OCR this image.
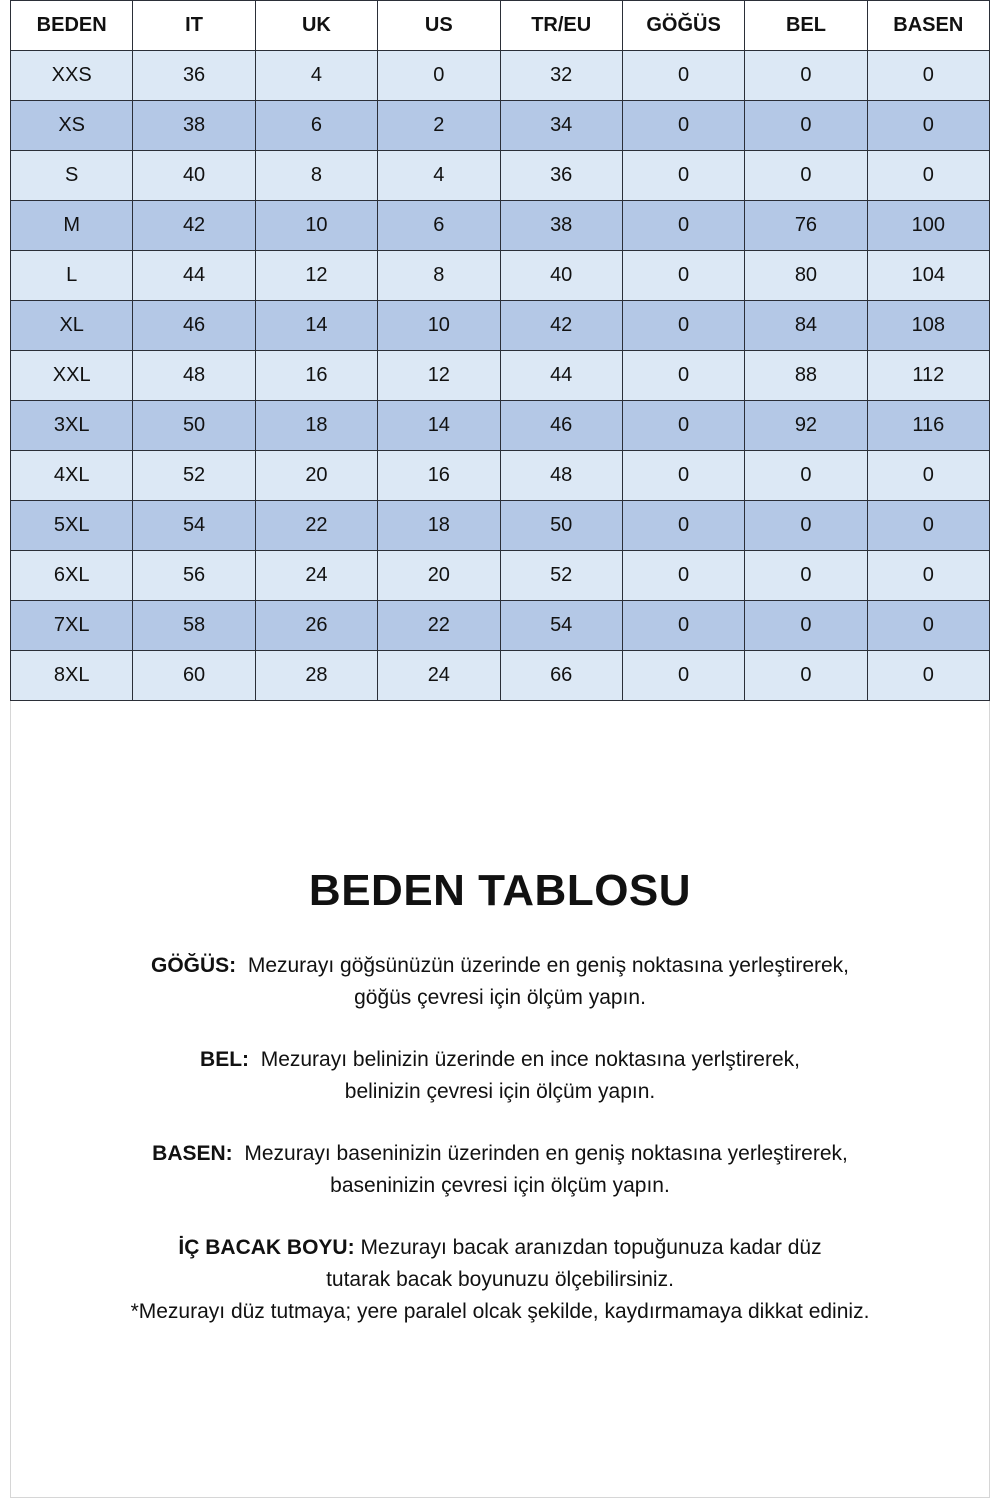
BEDEN	IT	UK	US	TR/EU	GÖĞÜS	BEL	BASEN
XXS	36	4	0	32	0	0	0
XS	38	6	2	34	0	0	0
S	40	8	4	36	0	0	0
M	42	10	6	38	0	76	100
L	44	12	8	40	0	80	104
XL	46	14	10	42	0	84	108
XXL	48	16	12	44	0	88	112
3XL	50	18	14	46	0	92	116
4XL	52	20	16	48	0	0	0
5XL	54	22	18	50	0	0	0
6XL	56	24	20	52	0	0	0
7XL	58	26	22	54	0	0	0
8XL	60	28	24	66	0	0	0
BEDEN TABLOSU

GÖĞÜS: Mezurayı göğsünüzün üzerinde en geniş noktasına yerleştirerek,
göğüs çevresi için ölçüm yapın.

BEL: Mezurayı belinizin üzerinde en ince noktasına yerlştirerek,
belinizin çevresi için ölçüm yapın.

BASEN: Mezurayı baseninizin üzerinden en geniş noktasına yerleştirerek,
baseninizin çevresi için ölçüm yapın.

İÇ BACAK BOYU: Mezurayı bacak aranızdan topuğunuza kadar düz
tutarak bacak boyunuzu ölçebilirsiniz.
*Mezurayı düz tutmaya; yere paralel olcak şekilde, kaydırmamaya dikkat ediniz.
